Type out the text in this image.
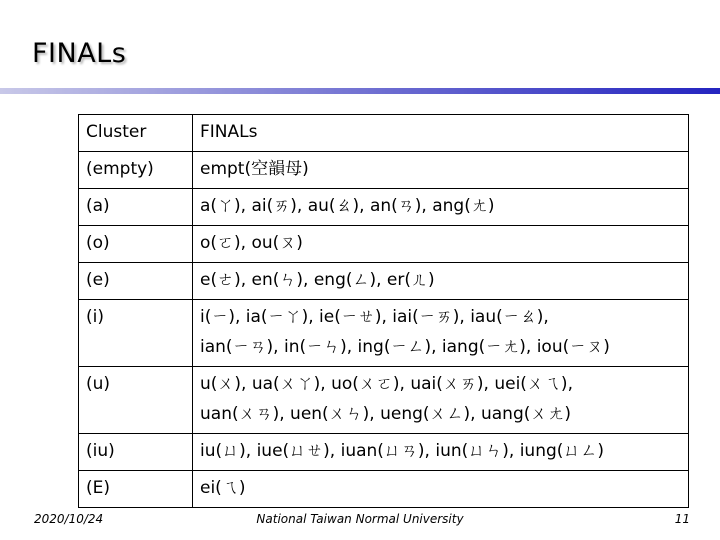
FINALs
Cluster	FINALs
(empty)	empt(空韻母)
(a)	a(ㄚ), ai(ㄞ), au(ㄠ), an(ㄢ), ang(ㄤ)
(o)	o(ㄛ), ou(ㄡ)
(e)	e(ㄜ), en(ㄣ), eng(ㄥ), er(ㄦ)
(i)	i(ㄧ), ia(ㄧㄚ), ie(ㄧㄝ), iai(ㄧㄞ), iau(ㄧㄠ),
ian(ㄧㄢ), in(ㄧㄣ), ing(ㄧㄥ), iang(ㄧㄤ), iou(ㄧㄡ)

(u)	u(ㄨ), ua(ㄨㄚ), uo(ㄨㄛ), uai(ㄨㄞ), uei(ㄨㄟ),
uan(ㄨㄢ), uen(ㄨㄣ), ueng(ㄨㄥ), uang(ㄨㄤ)

(iu)	iu(ㄩ), iue(ㄩㄝ), iuan(ㄩㄢ), iun(ㄩㄣ), iung(ㄩㄥ)
(E)	ei(ㄟ)
2020/10/24	National Taiwan Normal University	11
